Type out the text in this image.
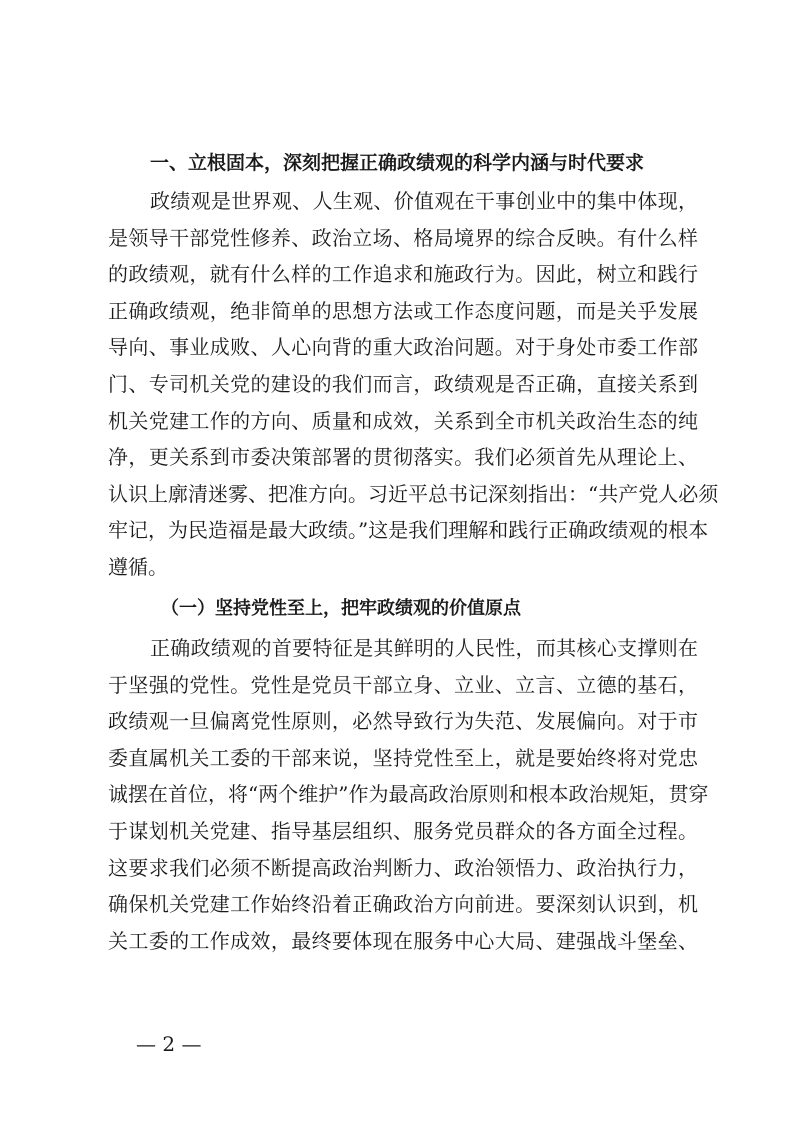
一、立根固本，深刻把握正确政绩观的科学内涵与时代要求
政绩观是世界观、人生观、价值观在干事创业中的集中体现，
是领导干部党性修养、政治立场、格局境界的综合反映。有什么样
的政绩观，就有什么样的工作追求和施政行为。因此，树立和践行
正确政绩观，绝非简单的思想方法或工作态度问题，而是关乎发展
导向、事业成败、人心向背的重大政治问题。对于身处市委工作部
门、专司机关党的建设的我们而言，政绩观是否正确，直接关系到
机关党建工作的方向、质量和成效，关系到全市机关政治生态的纯
净，更关系到市委决策部署的贯彻落实。我们必须首先从理论上、
认识上廓清迷雾、把准方向。习近平总书记深刻指出：“共产党人必须
牢记，为民造福是最大政绩。”这是我们理解和践行正确政绩观的根本
遵循。
（一）坚持党性至上，把牢政绩观的价值原点
正确政绩观的首要特征是其鲜明的人民性，而其核心支撑则在
于坚强的党性。党性是党员干部立身、立业、立言、立德的基石，
政绩观一旦偏离党性原则，必然导致行为失范、发展偏向。对于市
委直属机关工委的干部来说，坚持党性至上，就是要始终将对党忠
诚摆在首位，将“两个维护”作为最高政治原则和根本政治规矩，贯穿
于谋划机关党建、指导基层组织、服务党员群众的各方面全过程。
这要求我们必须不断提高政治判断力、政治领悟力、政治执行力，
确保机关党建工作始终沿着正确政治方向前进。要深刻认识到，机
关工委的工作成效，最终要体现在服务中心大局、建强战斗堡垒、
— 2 —
